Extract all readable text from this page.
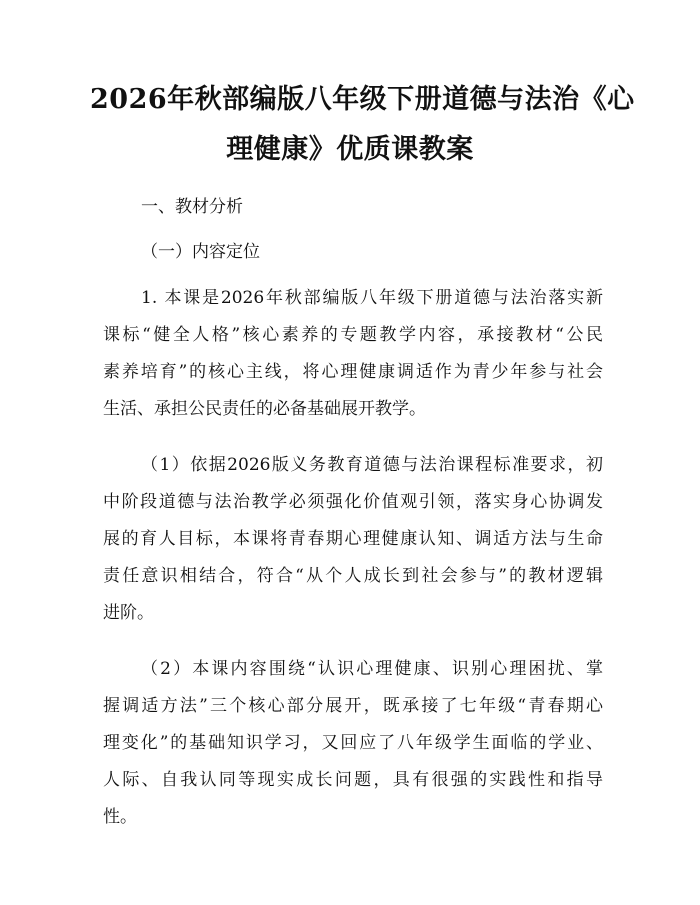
2026年秋部编版八年级下册道德与法治《心
理健康》优质课教案
一、教材分析
（一）内容定位
1. 本课是2026年秋部编版八年级下册道德与法治落实新
课标“健全人格”核心素养的专题教学内容，承接教材“公民
素养培育”的核心主线，将心理健康调适作为青少年参与社会
生活、承担公民责任的必备基础展开教学。
（1）依据2026版义务教育道德与法治课程标准要求，初
中阶段道德与法治教学必须强化价值观引领，落实身心协调发
展的育人目标，本课将青春期心理健康认知、调适方法与生命
责任意识相结合，符合“从个人成长到社会参与”的教材逻辑
进阶。
（2）本课内容围绕“认识心理健康、识别心理困扰、掌
握调适方法”三个核心部分展开，既承接了七年级“青春期心
理变化”的基础知识学习，又回应了八年级学生面临的学业、
人际、自我认同等现实成长问题，具有很强的实践性和指导
性。
